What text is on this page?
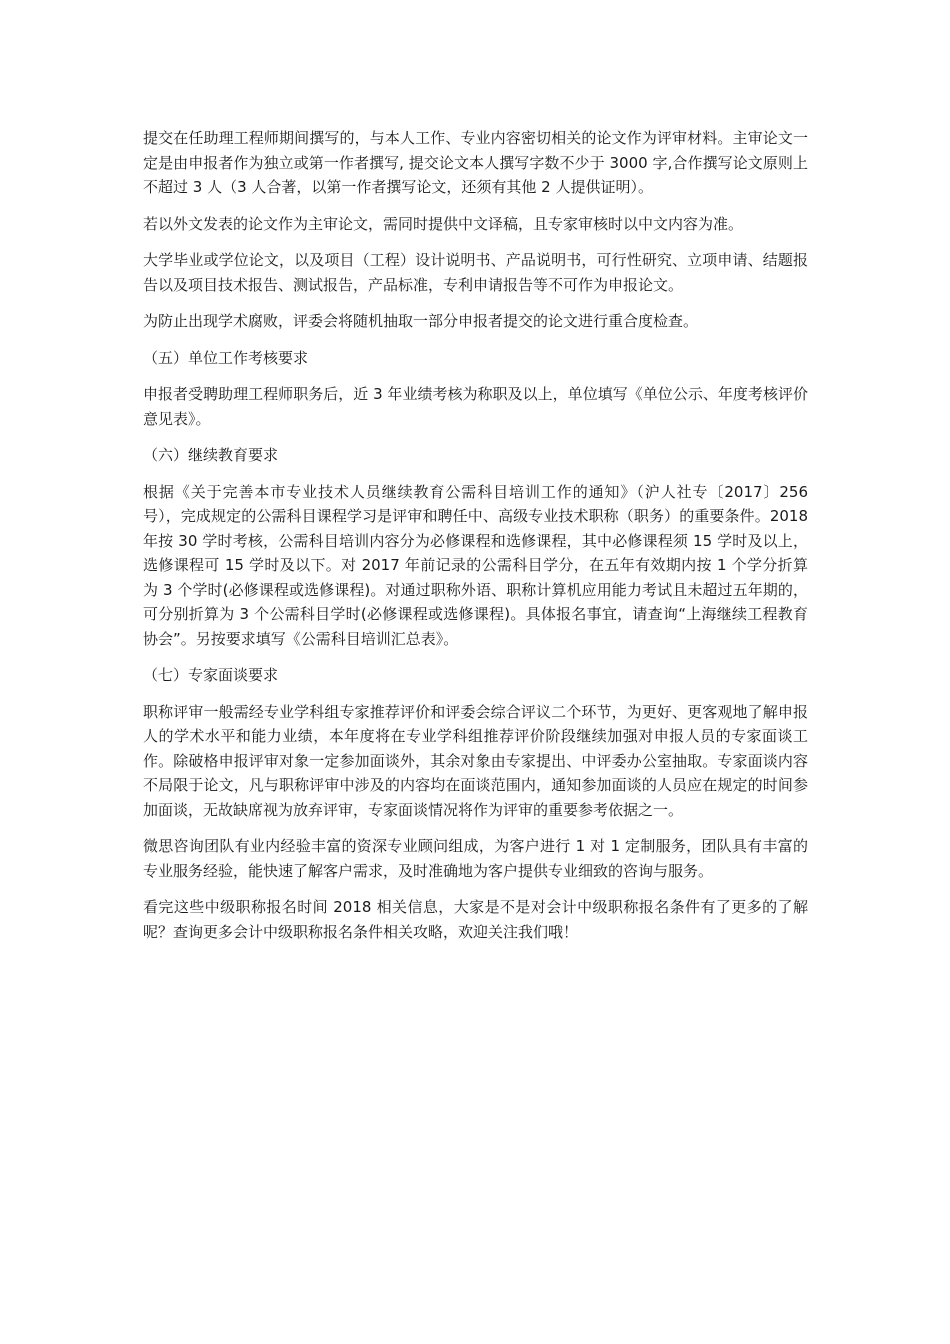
提交在任助理工程师期间撰写的，与本人工作、专业内容密切相关的论文作为评审材料。主审论文一定是由申报者作为独立或第一作者撰写, 提交论文本人撰写字数不少于 3000 字,合作撰写论文原则上不超过 3 人（3 人合著，以第一作者撰写论文，还须有其他 2 人提供证明）。

若以外文发表的论文作为主审论文，需同时提供中文译稿，且专家审核时以中文内容为准。

大学毕业或学位论文，以及项目（工程）设计说明书、产品说明书，可行性研究、立项申请、结题报告以及项目技术报告、测试报告，产品标准，专利申请报告等不可作为申报论文。

为防止出现学术腐败，评委会将随机抽取一部分申报者提交的论文进行重合度检查。

（五）单位工作考核要求

申报者受聘助理工程师职务后，近 3 年业绩考核为称职及以上，单位填写《单位公示、年度考核评价意见表》。

（六）继续教育要求

根据《关于完善本市专业技术人员继续教育公需科目培训工作的通知》（沪人社专〔2017〕256 号），完成规定的公需科目课程学习是评审和聘任中、高级专业技术职称（职务）的重要条件。2018 年按 30 学时考核，公需科目培训内容分为必修课程和选修课程，其中必修课程须 15 学时及以上，选修课程可 15 学时及以下。对 2017 年前记录的公需科目学分，在五年有效期内按 1 个学分折算为 3 个学时(必修课程或选修课程)。对通过职称外语、职称计算机应用能力考试且未超过五年期的，可分别折算为 3 个公需科目学时(必修课程或选修课程)。具体报名事宜，请查询“上海继续工程教育协会”。另按要求填写《公需科目培训汇总表》。

（七）专家面谈要求

职称评审一般需经专业学科组专家推荐评价和评委会综合评议二个环节，为更好、更客观地了解申报人的学术水平和能力业绩，本年度将在专业学科组推荐评价阶段继续加强对申报人员的专家面谈工作。除破格申报评审对象一定参加面谈外，其余对象由专家提出、中评委办公室抽取。专家面谈内容不局限于论文，凡与职称评审中涉及的内容均在面谈范围内，通知参加面谈的人员应在规定的时间参加面谈，无故缺席视为放弃评审，专家面谈情况将作为评审的重要参考依据之一。

微思咨询团队有业内经验丰富的资深专业顾问组成，为客户进行 1 对 1 定制服务，团队具有丰富的专业服务经验，能快速了解客户需求，及时准确地为客户提供专业细致的咨询与服务。

看完这些中级职称报名时间 2018 相关信息，大家是不是对会计中级职称报名条件有了更多的了解呢？查询更多会计中级职称报名条件相关攻略，欢迎关注我们哦！
